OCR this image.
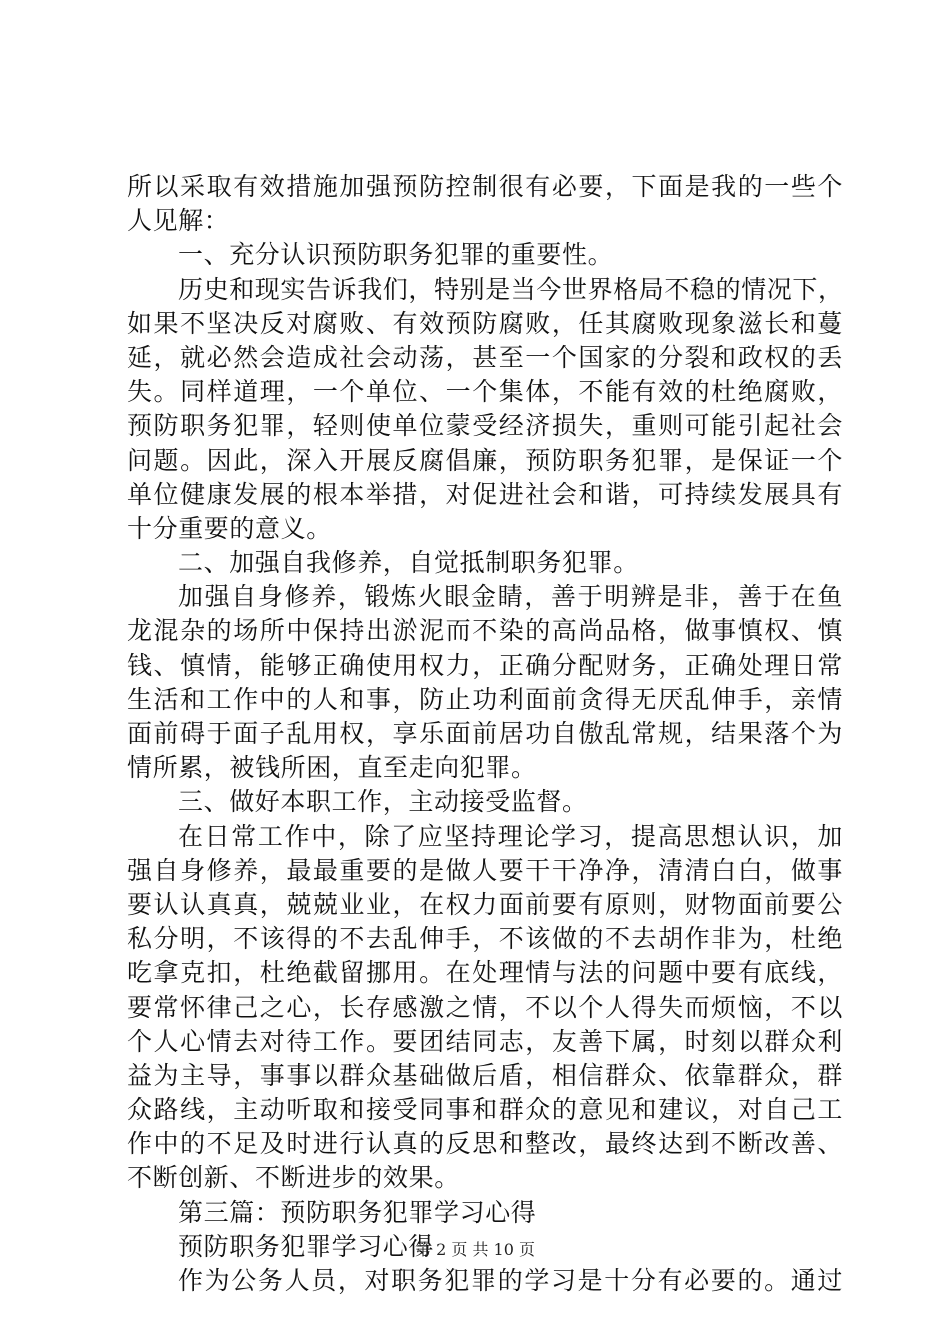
所以采取有效措施加强预防控制很有必要，下面是我的一些个
人见解：
一、充分认识预防职务犯罪的重要性。
历史和现实告诉我们，特别是当今世界格局不稳的情况下，
如果不坚决反对腐败、有效预防腐败，任其腐败现象滋长和蔓
延，就必然会造成社会动荡，甚至一个国家的分裂和政权的丢
失。同样道理，一个单位、一个集体，不能有效的杜绝腐败，
预防职务犯罪，轻则使单位蒙受经济损失，重则可能引起社会
问题。因此，深入开展反腐倡廉，预防职务犯罪，是保证一个
单位健康发展的根本举措，对促进社会和谐，可持续发展具有
十分重要的意义。
二、加强自我修养，自觉抵制职务犯罪。
加强自身修养，锻炼火眼金睛，善于明辨是非，善于在鱼
龙混杂的场所中保持出淤泥而不染的高尚品格，做事慎权、慎
钱、慎情，能够正确使用权力，正确分配财务，正确处理日常
生活和工作中的人和事，防止功利面前贪得无厌乱伸手，亲情
面前碍于面子乱用权，享乐面前居功自傲乱常规，结果落个为
情所累，被钱所困，直至走向犯罪。
三、做好本职工作，主动接受监督。
在日常工作中，除了应坚持理论学习，提高思想认识，加
强自身修养，最最重要的是做人要干干净净，清清白白，做事
要认认真真，兢兢业业，在权力面前要有原则，财物面前要公
私分明，不该得的不去乱伸手，不该做的不去胡作非为，杜绝
吃拿克扣，杜绝截留挪用。在处理情与法的问题中要有底线，
要常怀律己之心，长存感激之情，不以个人得失而烦恼，不以
个人心情去对待工作。要团结同志，友善下属，时刻以群众利
益为主导，事事以群众基础做后盾，相信群众、依靠群众，群
众路线，主动听取和接受同事和群众的意见和建议，对自己工
作中的不足及时进行认真的反思和整改，最终达到不断改善、
不断创新、不断进步的效果。
第三篇：预防职务犯罪学习心得
预防职务犯罪学习心得
作为公务人员，对职务犯罪的学习是十分有必要的。通过
第 2 页 共 10 页
